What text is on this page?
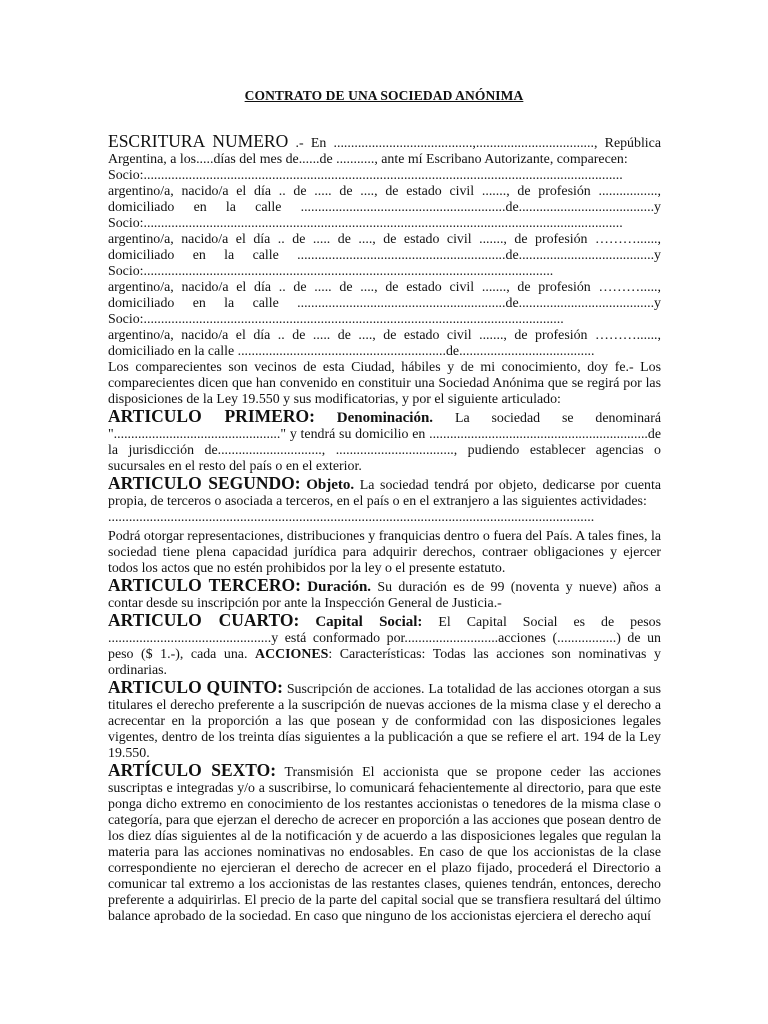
CONTRATO DE UNA SOCIEDAD ANÓNIMA

ESCRITURA NUMERO .- En ........................................,.................................., República

Argentina, a los.....días del mes de......de ..........., ante mí Escribano Autorizante, comparecen:

Socio:..........................................................................................................................................
argentino/a, nacido/a el día .. de ..... de ...., de estado civil ......., de profesión .................,
domiciliado en la calle ...........................................................de.......................................y
Socio:..........................................................................................................................................
argentino/a, nacido/a el día .. de ..... de ...., de estado civil ......., de profesión ………......,
domiciliado en la calle ............................................................de.......................................y
Socio:......................................................................................................................
argentino/a, nacido/a el día .. de ..... de ...., de estado civil ......., de profesión ……….....,
domiciliado en la calle ............................................................de.......................................y
Socio:.........................................................................................................................
argentino/a, nacido/a el día .. de ..... de ...., de estado civil ......., de profesión ………......,
domiciliado en la calle ............................................................de.......................................

Los comparecientes son vecinos de esta Ciudad, hábiles y de mi conocimiento, doy fe.- Los comparecientes dicen que han convenido en constituir una Sociedad Anónima que se regirá por las disposiciones de la Ley 19.550 y sus modificatorias, y por el siguiente articulado:

ARTICULO PRIMERO: Denominación. La sociedad se denominará "................................................" y tendrá su domicilio en ...............................................................de la jurisdicción de.............................., .................................., pudiendo establecer agencias o sucursales en el resto del país o en el exterior.

ARTICULO SEGUNDO: Objeto. La sociedad tendrá por objeto, dedicarse por cuenta propia, de terceros o asociada a terceros, en el país o en el extranjero a las siguientes actividades:

............................................................................................................................................

Podrá otorgar representaciones, distribuciones y franquicias dentro o fuera del País. A tales fines, la sociedad tiene plena capacidad jurídica para adquirir derechos, contraer obligaciones y ejercer todos los actos que no estén prohibidos por la ley o el presente estatuto.

ARTICULO TERCERO: Duración. Su duración es de 99 (noventa y nueve) años a contar desde su inscripción por ante la Inspección General de Justicia.-

ARTICULO CUARTO: Capital Social: El Capital Social es de pesos ...............................................y está conformado por...........................acciones (.................) de un peso ($ 1.-), cada una. ACCIONES: Características: Todas las acciones son nominativas y ordinarias.

ARTICULO QUINTO: Suscripción de acciones. La totalidad de las acciones otorgan a sus titulares el derecho preferente a la suscripción de nuevas acciones de la misma clase y el derecho a acrecentar en la proporción a las que posean y de conformidad con las disposiciones legales vigentes, dentro de los treinta días siguientes a la publicación a que se refiere el art. 194 de la Ley 19.550.

ARTÍCULO SEXTO: Transmisión El accionista que se propone ceder las acciones suscriptas e integradas y/o a suscribirse, lo comunicará fehacientemente al directorio, para que este ponga dicho extremo en conocimiento de los restantes accionistas o tenedores de la misma clase o categoría, para que ejerzan el derecho de acrecer en proporción a las acciones que posean dentro de los diez días siguientes al de la notificación y de acuerdo a las disposiciones legales que regulan la materia para las acciones nominativas no endosables. En caso de que los accionistas de la clase correspondiente no ejercieran el derecho de acrecer en el plazo fijado, procederá el Directorio a comunicar tal extremo a los accionistas de las restantes clases, quienes tendrán, entonces, derecho preferente a adquirirlas. El precio de la parte del capital social que se transfiera resultará del último balance aprobado de la sociedad. En caso que ninguno de los accionistas ejerciera el derecho aquí
